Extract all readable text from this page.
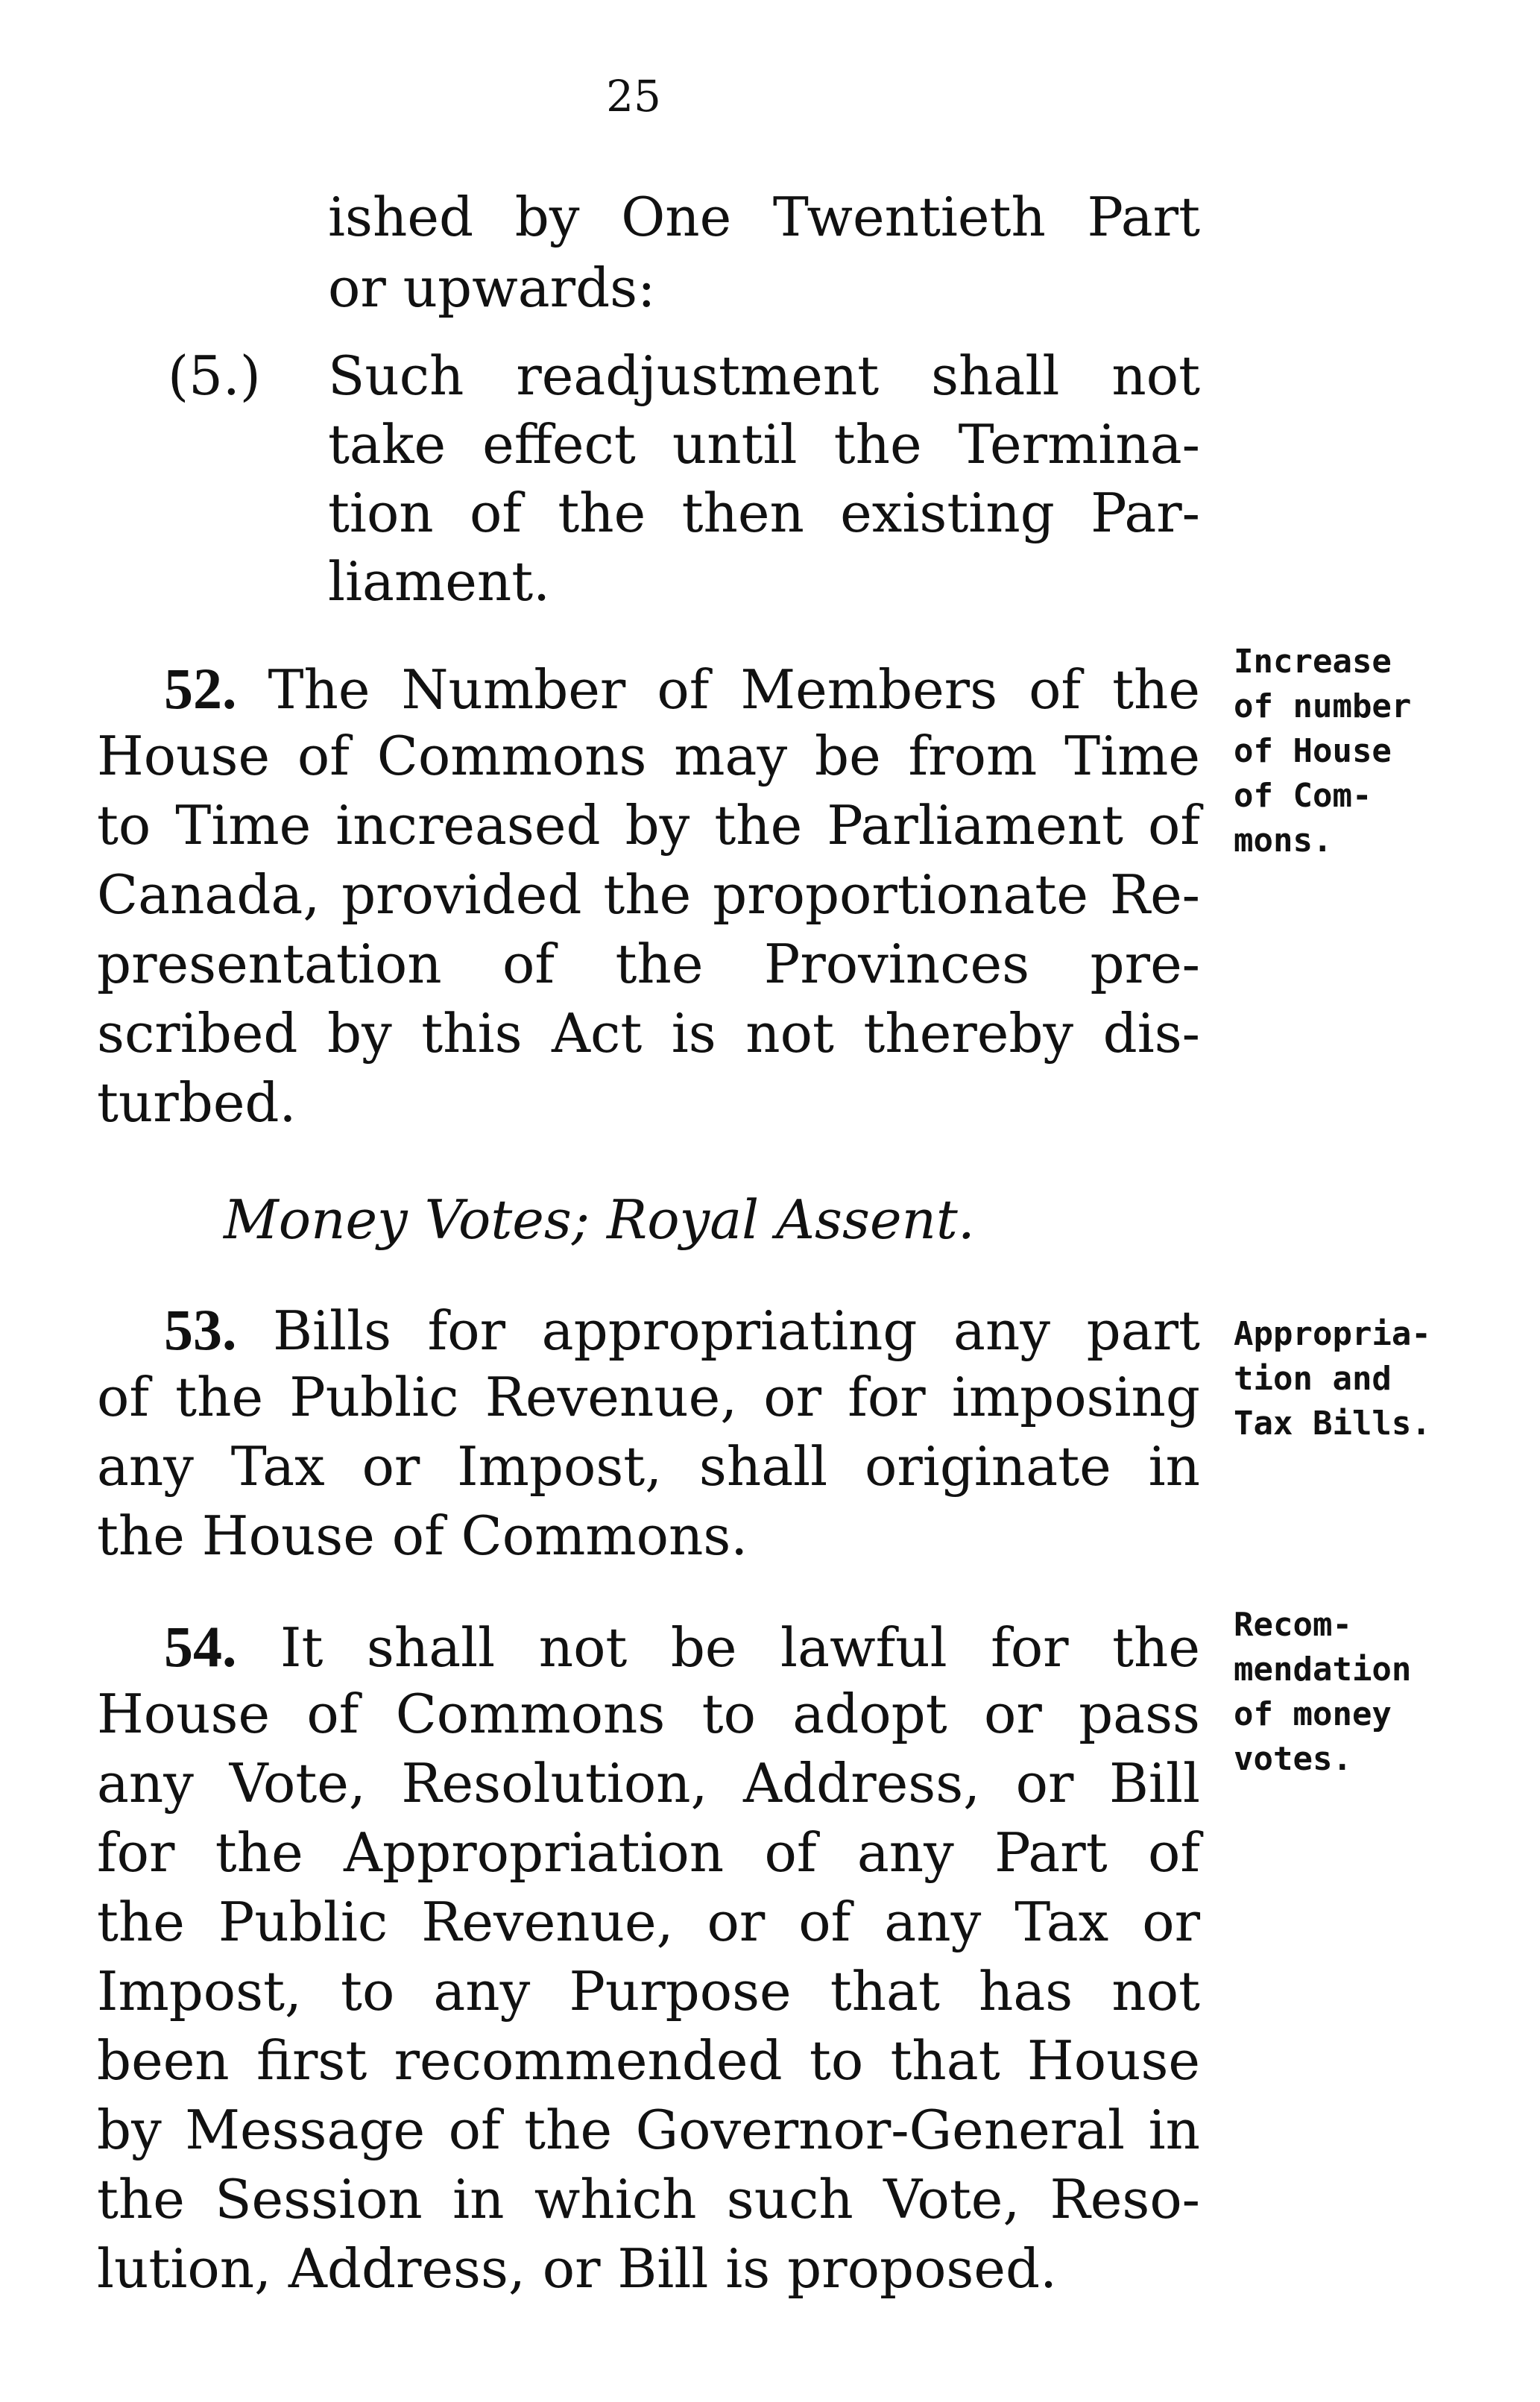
25
ished by One Twentieth Part
or upwards:
(5.) Such readjustment shall not
take effect until the Termina-
tion of the then existing Par-
liament.
52. The Number of Members of the
House of Commons may be from Time
to Time increased by the Parliament of
Canada, provided the proportionate Re-
presentation of the Provinces pre-
scribed by this Act is not thereby dis-
turbed.
Increase
of number
of House
of Com-
mons.
Money Votes; Royal Assent.
53. Bills for appropriating any part
of the Public Revenue, or for imposing
any Tax or Impost, shall originate in
the House of Commons.
Appropria-
tion and
Tax Bills.
54. It shall not be lawful for the
House of Commons to adopt or pass
any Vote, Resolution, Address, or Bill
for the Appropriation of any Part of
the Public Revenue, or of any Tax or
Impost, to any Purpose that has not
been first recommended to that House
by Message of the Governor-General in
the Session in which such Vote, Reso-
lution, Address, or Bill is proposed.
Recom-
mendation
of money
votes.
